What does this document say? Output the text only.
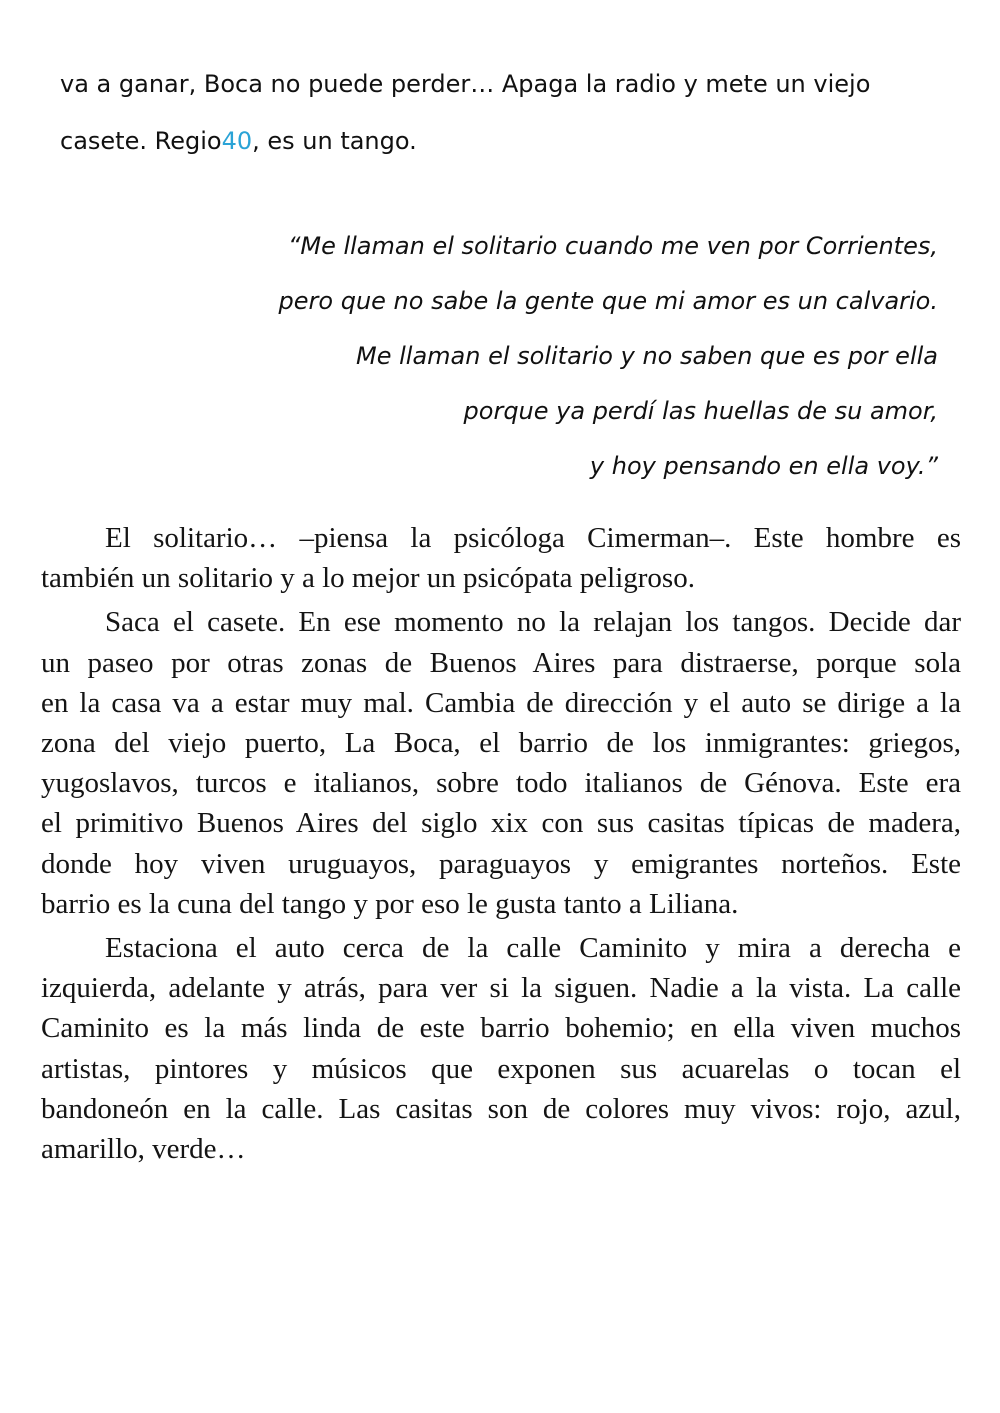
va a ganar, Boca no puede perder… Apaga la radio y mete un viejo
casete. Regio40, es un tango.
“Me llaman el solitario cuando me ven por Corrientes,
pero que no sabe la gente que mi amor es un calvario.
Me llaman el solitario y no saben que es por ella
porque ya perdí las huellas de su amor,
y hoy pensando en ella voy.”

El solitario… –piensa la psicóloga Cimerman–. Este hombre es
también un solitario y a lo mejor un psicópata peligroso.

Saca el casete. En ese momento no la relajan los tangos. Decide dar
un paseo por otras zonas de Buenos Aires para distraerse, porque sola
en la casa va a estar muy mal. Cambia de dirección y el auto se dirige a la
zona del viejo puerto, La Boca, el barrio de los inmigrantes: griegos,
yugoslavos, turcos e italianos, sobre todo italianos de Génova. Este era
el primitivo Buenos Aires del siglo xix con sus casitas típicas de madera,
donde hoy viven uruguayos, paraguayos y emigrantes norteños. Este
barrio es la cuna del tango y por eso le gusta tanto a Liliana.

Estaciona el auto cerca de la calle Caminito y mira a derecha e
izquierda, adelante y atrás, para ver si la siguen. Nadie a la vista. La calle
Caminito es la más linda de este barrio bohemio; en ella viven muchos
artistas, pintores y músicos que exponen sus acuarelas o tocan el
bandoneón en la calle. Las casitas son de colores muy vivos: rojo, azul,
amarillo, verde…
